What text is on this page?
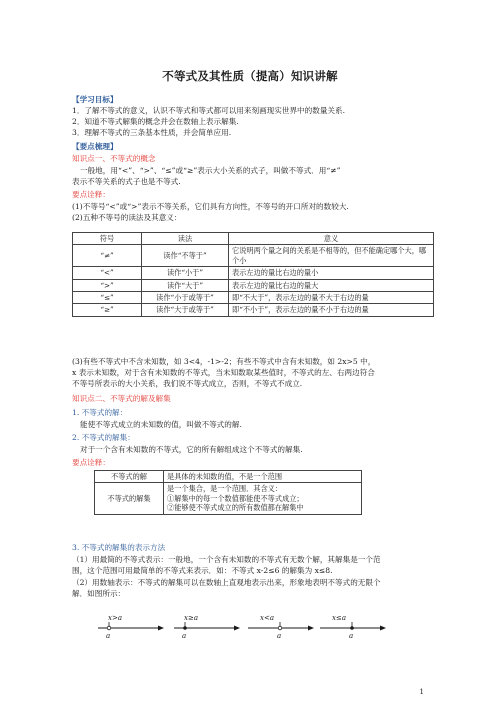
不等式及其性质（提高）知识讲解
【学习目标】
1．了解不等式的意义，认识不等式和等式都可以用来刻画现实世界中的数量关系.
2．知道不等式解集的概念并会在数轴上表示解集.
3．理解不等式的三条基本性质，并会简单应用.
【要点梳理】
知识点一、不等式的概念
一般地，用“<”、“>”、“≤”或“≥”表示大小关系的式子，叫做不等式．用“≠”
表示不等关系的式子也是不等式.
要点诠释：
(1)不等号“<”或“>”表示不等关系，它们具有方向性，不等号的开口所对的数较大.
(2)五种不等号的读法及其意义：
符号	读法	意义
“≠”	读作“不等于”	它说明两个量之间的关系是不相等的，但不能确定哪个大，哪个小
“<”	读作“小于”	表示左边的量比右边的量小
“>”	读作“大于”	表示左边的量比右边的量大
“≤”	读作“小于或等于”	即“不大于”，表示左边的量不大于右边的量
“≥”	读作“大于或等于”	即“不小于”，表示左边的量不小于右边的量
(3)有些不等式中不含未知数，如 3<4，-1>-2；有些不等式中含有未知数，如 2x>5 中，
x 表示未知数，对于含有未知数的不等式，当未知数取某些值时，不等式的左、右两边符合
不等号所表示的大小关系，我们说不等式成立，否则，不等式不成立.
知识点二、不等式的解及解集
1. 不等式的解：
能使不等式成立的未知数的值，叫做不等式的解.
2. 不等式的解集：
对于一个含有未知数的不等式，它的所有解组成这个不等式的解集.
要点诠释：
不等式的解	是具体的未知数的值，不是一个范围
不等式的解集	是一个集合，是一个范围．其含义：
①解集中的每一个数值都能使不等式成立；
②能够使不等式成立的所有数值都在解集中
3. 不等式的解集的表示方法
（1）用最简的不等式表示：一般地，一个含有未知数的不等式有无数个解，其解集是一个范
围，这个范围可用最简单的不等式来表示．如：不等式 x-2≤6 的解集为 x≤8.
（2）用数轴表示：不等式的解集可以在数轴上直观地表示出来，形象地表明不等式的无限个
解．如图所示：
x>a
a
x≥a
a
x<a
a
x≤a
a
1
